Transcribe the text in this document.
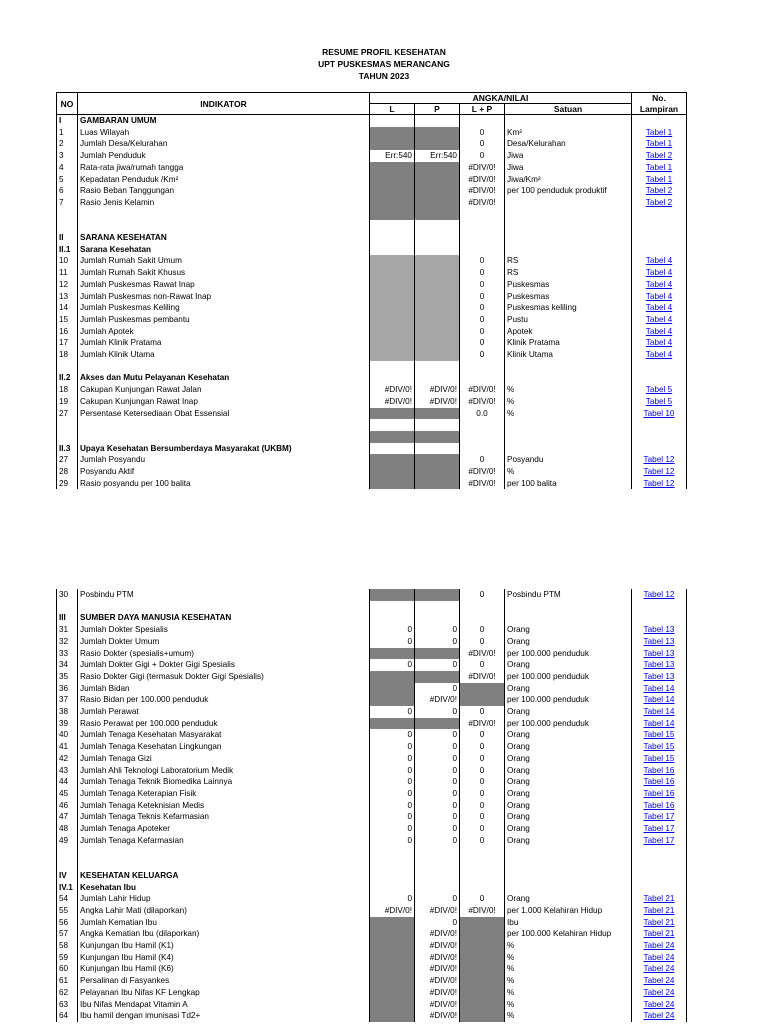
RESUME PROFIL KESEHATAN
UPT PUSKESMAS MERANCANG
TAHUN 2023
NO	INDIKATOR	ANGKA/NILAI				No.
		L	P	L + P	Satuan	Lampiran
I	GAMBARAN UMUM					
1	Luas Wilayah			0	Km²	Tabel 1
2	Jumlah Desa/Kelurahan			0	Desa/Kelurahan	Tabel 1
3	Jumlah Penduduk	Err:540	Err:540	0	Jiwa	Tabel 2
4	Rata-rata jiwa/rumah tangga			#DIV/0!	Jiwa	Tabel 1
5	Kepadatan Penduduk /Km²			#DIV/0!	Jiwa/Km²	Tabel 1
6	Rasio Beban Tanggungan			#DIV/0!	per 100 penduduk produktif	Tabel 2
7	Rasio Jenis Kelamin			#DIV/0!		Tabel 2

II	SARANA KESEHATAN					
II.1	Sarana Kesehatan					
10	Jumlah Rumah Sakit Umum			0	RS	Tabel 4
11	Jumlah Rumah Sakit Khusus			0	RS	Tabel 4
12	Jumlah Puskesmas Rawat Inap			0	Puskesmas	Tabel 4
13	Jumlah Puskesmas non-Rawat Inap			0	Puskesmas	Tabel 4
14	Jumlah Puskesmas Keliling			0	Puskesmas keliling	Tabel 4
15	Jumlah Puskesmas pembantu			0	Pustu	Tabel 4
16	Jumlah Apotek			0	Apotek	Tabel 4
17	Jumlah Klinik Pratama			0	Klinik Pratama	Tabel 4
18	Jumlah Klinik Utama			0	Klinik Utama	Tabel 4

II.2	Akses dan Mutu Pelayanan Kesehatan					
18	Cakupan Kunjungan Rawat Jalan	#DIV/0!	#DIV/0!	#DIV/0!	%	Tabel 5
19	Cakupan Kunjungan Rawat Inap	#DIV/0!	#DIV/0!	#DIV/0!	%	Tabel 5
27	Persentase Ketersediaan Obat Essensial			0.0	%	Tabel 10

II.3	Upaya Kesehatan Bersumberdaya Masyarakat (UKBM)					
27	Jumlah Posyandu			0	Posyandu	Tabel 12
28	Posyandu Aktif			#DIV/0!	%	Tabel 12
29	Rasio posyandu per 100 balita			#DIV/0!	per 100 balita	Tabel 12
30	Posbindu PTM			0	Posbindu PTM	Tabel 12

III	SUMBER DAYA MANUSIA KESEHATAN					
31	Jumlah Dokter Spesialis	0	0	0	Orang	Tabel 13
32	Jumlah Dokter Umum	0	0	0	Orang	Tabel 13
33	Rasio Dokter (spesialis+umum)			#DIV/0!	per 100.000 penduduk	Tabel 13
34	Jumlah Dokter Gigi + Dokter Gigi Spesialis	0	0	0	Orang	Tabel 13
35	Rasio Dokter Gigi (termasuk Dokter Gigi Spesialis)			#DIV/0!	per 100.000 penduduk	Tabel 13
36	Jumlah Bidan		0		Orang	Tabel 14
37	Rasio Bidan per 100.000 penduduk		#DIV/0!		per 100.000 penduduk	Tabel 14
38	Jumlah Perawat	0	0	0	Orang	Tabel 14
39	Rasio Perawat per 100.000 penduduk			#DIV/0!	per 100.000 penduduk	Tabel 14
40	Jumlah Tenaga Kesehatan Masyarakat	0	0	0	Orang	Tabel 15
41	Jumlah Tenaga Kesehatan Lingkungan	0	0	0	Orang	Tabel 15
42	Jumlah Tenaga Gizi	0	0	0	Orang	Tabel 15
43	Jumlah Ahli Teknologi Laboratorium Medik	0	0	0	Orang	Tabel 16
44	Jumlah Tenaga Teknik Biomedika Lainnya	0	0	0	Orang	Tabel 16
45	Jumlah Tenaga Keterapian Fisik	0	0	0	Orang	Tabel 16
46	Jumlah Tenaga Keteknisian Medis	0	0	0	Orang	Tabel 16
47	Jumlah Tenaga Teknis Kefarmasian	0	0	0	Orang	Tabel 17
48	Jumlah Tenaga Apoteker	0	0	0	Orang	Tabel 17
49	Jumlah Tenaga Kefarmasian	0	0	0	Orang	Tabel 17

IV	KESEHATAN KELUARGA					
IV.1	Kesehatan Ibu					
54	Jumlah Lahir Hidup	0	0	0	Orang	Tabel 21
55	Angka Lahir Mati (dilaporkan)	#DIV/0!	#DIV/0!	#DIV/0!	per 1.000 Kelahiran Hidup	Tabel 21
56	Jumlah Kematian Ibu		0		Ibu	Tabel 21
57	Angka Kematian Ibu (dilaporkan)		#DIV/0!		per 100.000 Kelahiran Hidup	Tabel 21
58	Kunjungan Ibu Hamil (K1)		#DIV/0!		%	Tabel 24
59	Kunjungan Ibu Hamil (K4)		#DIV/0!		%	Tabel 24
60	Kunjungan Ibu Hamil (K6)		#DIV/0!		%	Tabel 24
61	Persalinan di Fasyankes		#DIV/0!		%	Tabel 24
62	Pelayanan Ibu Nifas KF Lengkap		#DIV/0!		%	Tabel 24
63	Ibu Nifas Mendapat Vitamin A		#DIV/0!		%	Tabel 24
64	Ibu hamil dengan imunisasi Td2+		#DIV/0!		%	Tabel 24
